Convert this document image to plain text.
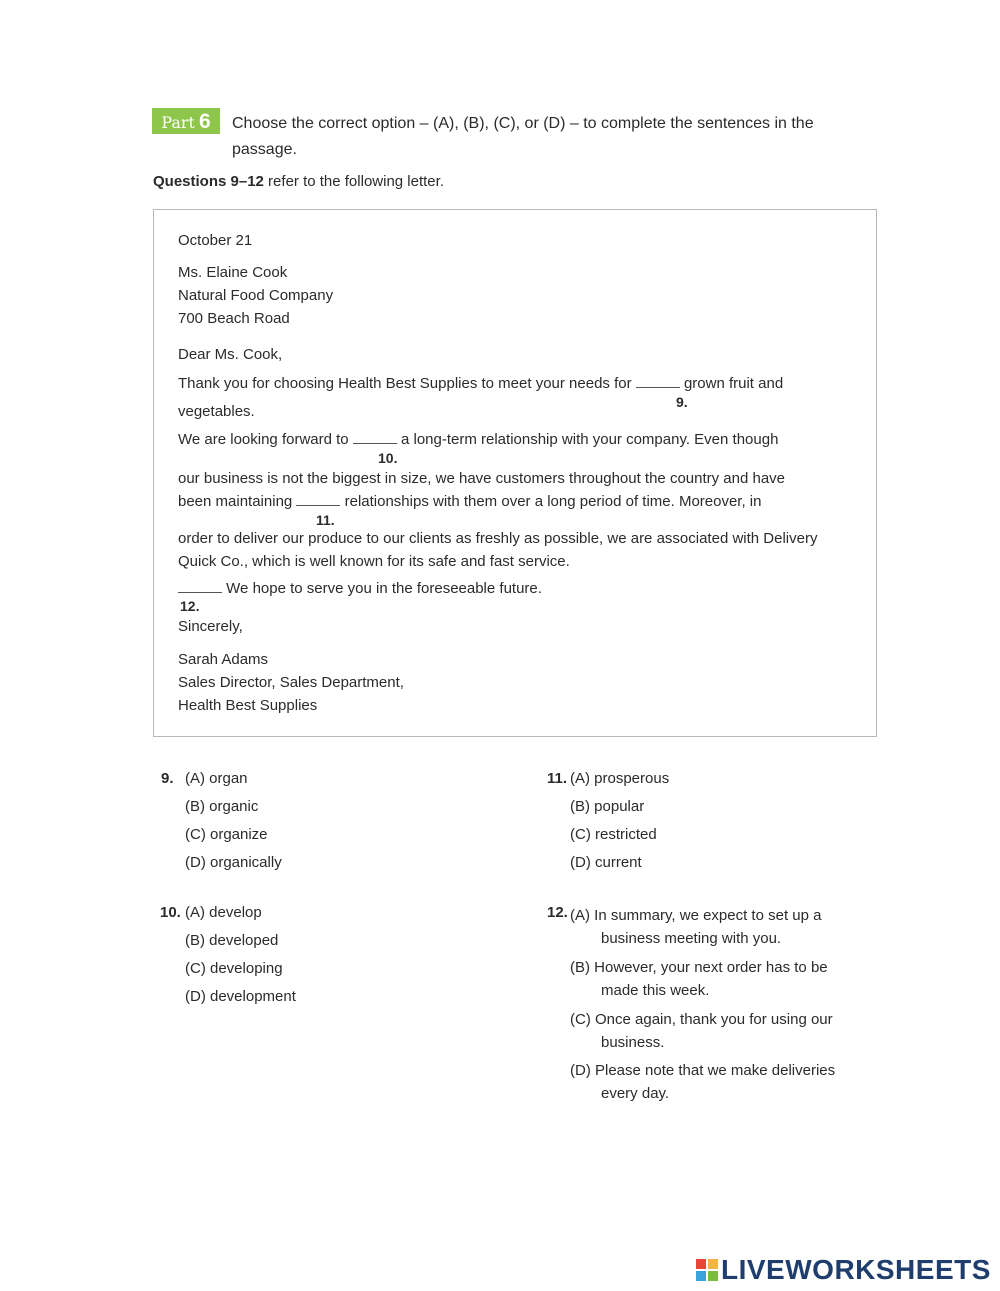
Part 6 Choose the correct option – (A), (B), (C), or (D) – to complete the sentences in the
passage.
Questions 9–12 refer to the following letter.
October 21
Ms. Elaine Cook
Natural Food Company
700 Beach Road
Dear Ms. Cook,
Thank you for choosing Health Best Supplies to meet your needs for	grown fruit and
9.
vegetables.
We are looking forward to	a long-term relationship with your company. Even though
10.
our business is not the biggest in size, we have customers throughout the country and have
been maintaining	relationships with them over a long period of time. Moreover, in
11.
order to deliver our produce to our clients as freshly as possible, we are associated with Delivery
Quick Co., which is well known for its safe and fast service.
We hope to serve you in the foreseeable future.
12.
Sincerely,
Sarah Adams
Sales Director, Sales Department,
Health Best Supplies
9. (A) organ
(B) organic
(C) organize
(D) organically
10. (A) develop
(B) developed
(C) developing
(D) development
11. (A) prosperous
(B) popular
(C) restricted
(D) current
12. (A) In summary, we expect to set up a
business meeting with you.
(B) However, your next order has to be
made this week.
(C) Once again, thank you for using our
business.
(D) Please note that we make deliveries
every day.
LIVEWORKSHEETS
